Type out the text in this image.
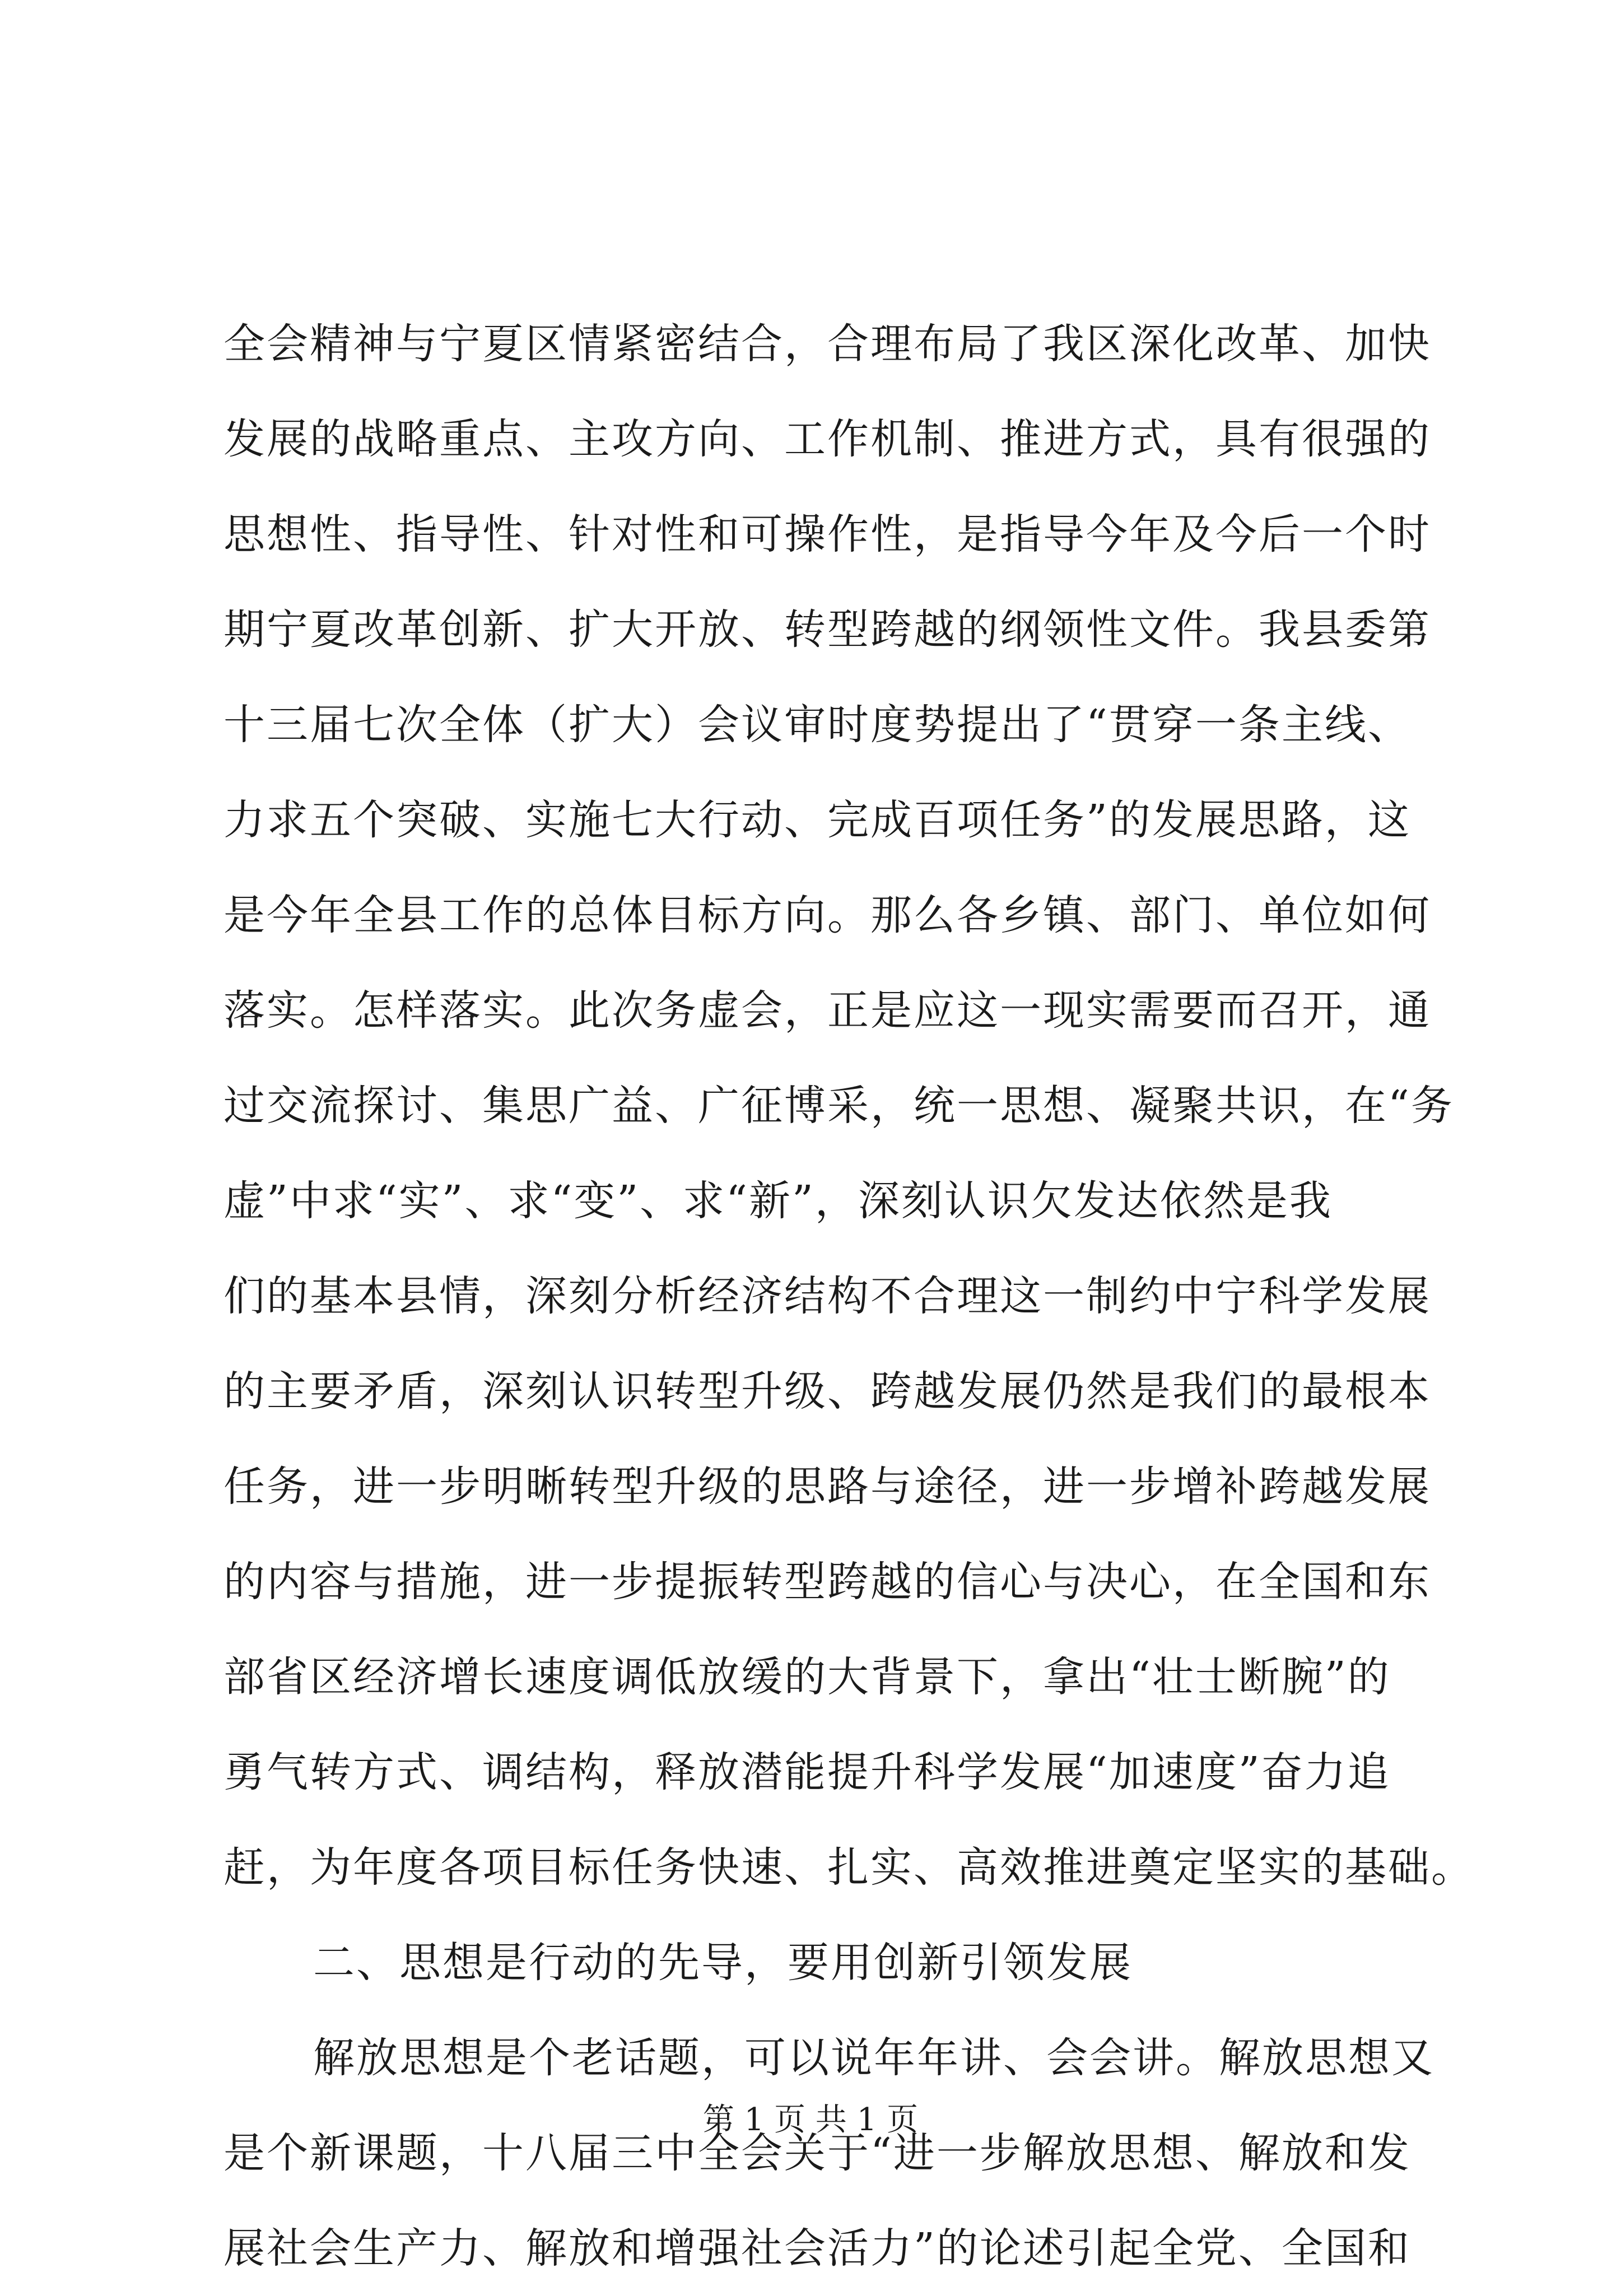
全会精神与宁夏区情紧密结合，合理布局了我区深化改革、加快
发展的战略重点、主攻方向、工作机制、推进方式，具有很强的
思想性、指导性、针对性和可操作性，是指导今年及今后一个时
期宁夏改革创新、扩大开放、转型跨越的纲领性文件。我县委第
十三届七次全体（扩大）会议审时度势提出了“贯穿一条主线、
力求五个突破、实施七大行动、完成百项任务”的发展思路，这
是今年全县工作的总体目标方向。那么各乡镇、部门、单位如何
落实。怎样落实。此次务虚会，正是应这一现实需要而召开，通
过交流探讨、集思广益、广征博采，统一思想、凝聚共识，在“务
虚”中求“实”、求“变”、求“新”，深刻认识欠发达依然是我
们的基本县情，深刻分析经济结构不合理这一制约中宁科学发展
的主要矛盾，深刻认识转型升级、跨越发展仍然是我们的最根本
任务，进一步明晰转型升级的思路与途径，进一步增补跨越发展
的内容与措施，进一步提振转型跨越的信心与决心，在全国和东
部省区经济增长速度调低放缓的大背景下，拿出“壮士断腕”的
勇气转方式、调结构，释放潜能提升科学发展“加速度”奋力追
赶，为年度各项目标任务快速、扎实、高效推进奠定坚实的基础。
二、思想是行动的先导，要用创新引领发展
解放思想是个老话题，可以说年年讲、会会讲。解放思想又
是个新课题，十八届三中全会关于“进一步解放思想、解放和发
展社会生产力、解放和增强社会活力”的论述引起全党、全国和
第 1 页 共 1 页
